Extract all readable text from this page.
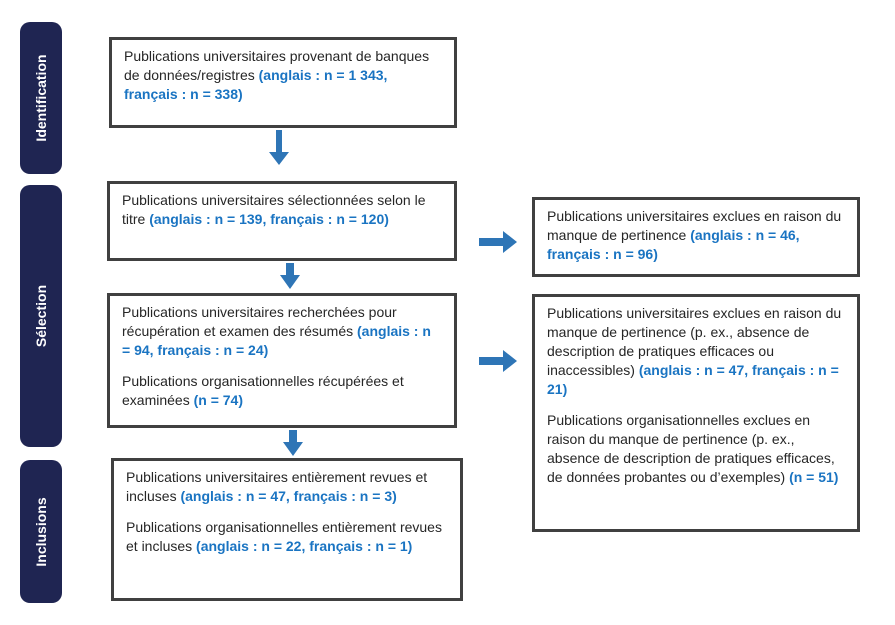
Identification
Sélection
Inclusions

Publications universitaires provenant de banques de données/registres (anglais : n = 1 343, français : n = 338)

Publications universitaires sélectionnées selon le titre (anglais : n = 139, français : n = 120)

Publications universitaires recherchées pour récupération et examen des résumés (anglais : n = 94, français : n = 24)

Publications organisationnelles récupérées et examinées (n = 74)

Publications universitaires entièrement revues et incluses (anglais : n = 47, français : n = 3)

Publications organisationnelles entièrement revues et incluses (anglais : n = 22, français : n = 1)

Publications universitaires exclues en raison du manque de pertinence (anglais : n = 46, français : n = 96)

Publications universitaires exclues en raison du manque de pertinence (p. ex., absence de description de pratiques efficaces ou inaccessibles) (anglais : n = 47, français : n = 21)

Publications organisationnelles exclues en raison du manque de pertinence (p. ex., absence de description de pratiques efficaces, de données probantes ou d’exemples) (n = 51)
